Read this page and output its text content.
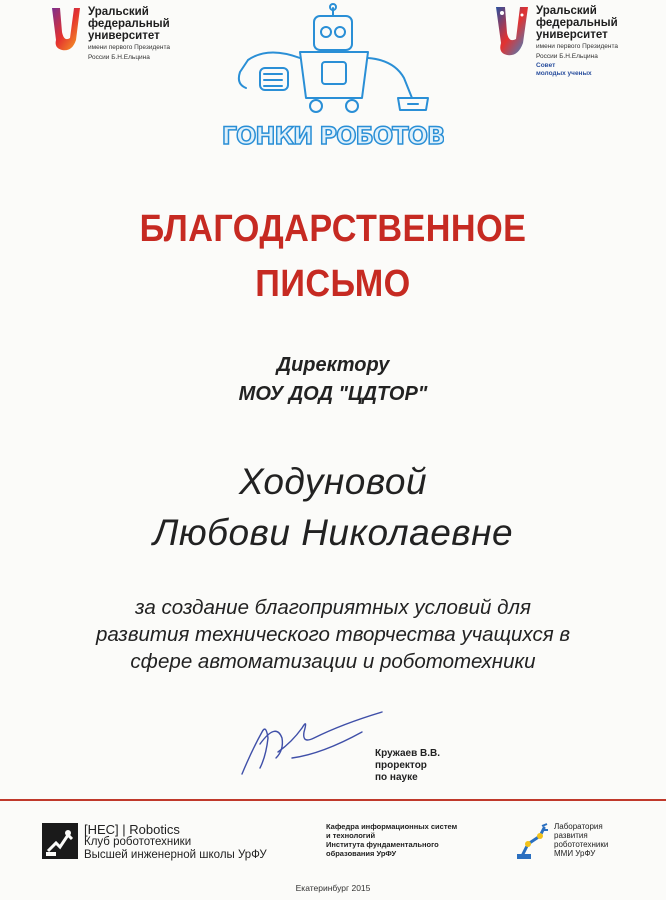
Уральский
федеральный
университет
имени первого Президента
России Б.Н.Ельцина
ГОНКИ РОБОТОВ
Уральский
федеральный
университет
имени первого Президента
России Б.Н.Ельцина
Совет
молодых ученых
БЛАГОДАРСТВЕННОЕ
ПИСЬМО
Директору
МОУ ДОД "ЦДТОР"
Ходуновой
Любови Николаевне
за создание благоприятных условий для
развития технического творчества учащихся в
сфере автоматизации и робототехники
Кружаев В.В.
проректор
по науке
[HEC] | Robotics
Клуб робототехники
Высшей инженерной школы УрФУ
Кафедра информационных систем
и технологий
Института фундаментального
образования УрФУ
Лаборатория
развития
робототехники
ММИ УрФУ
Екатеринбург 2015
